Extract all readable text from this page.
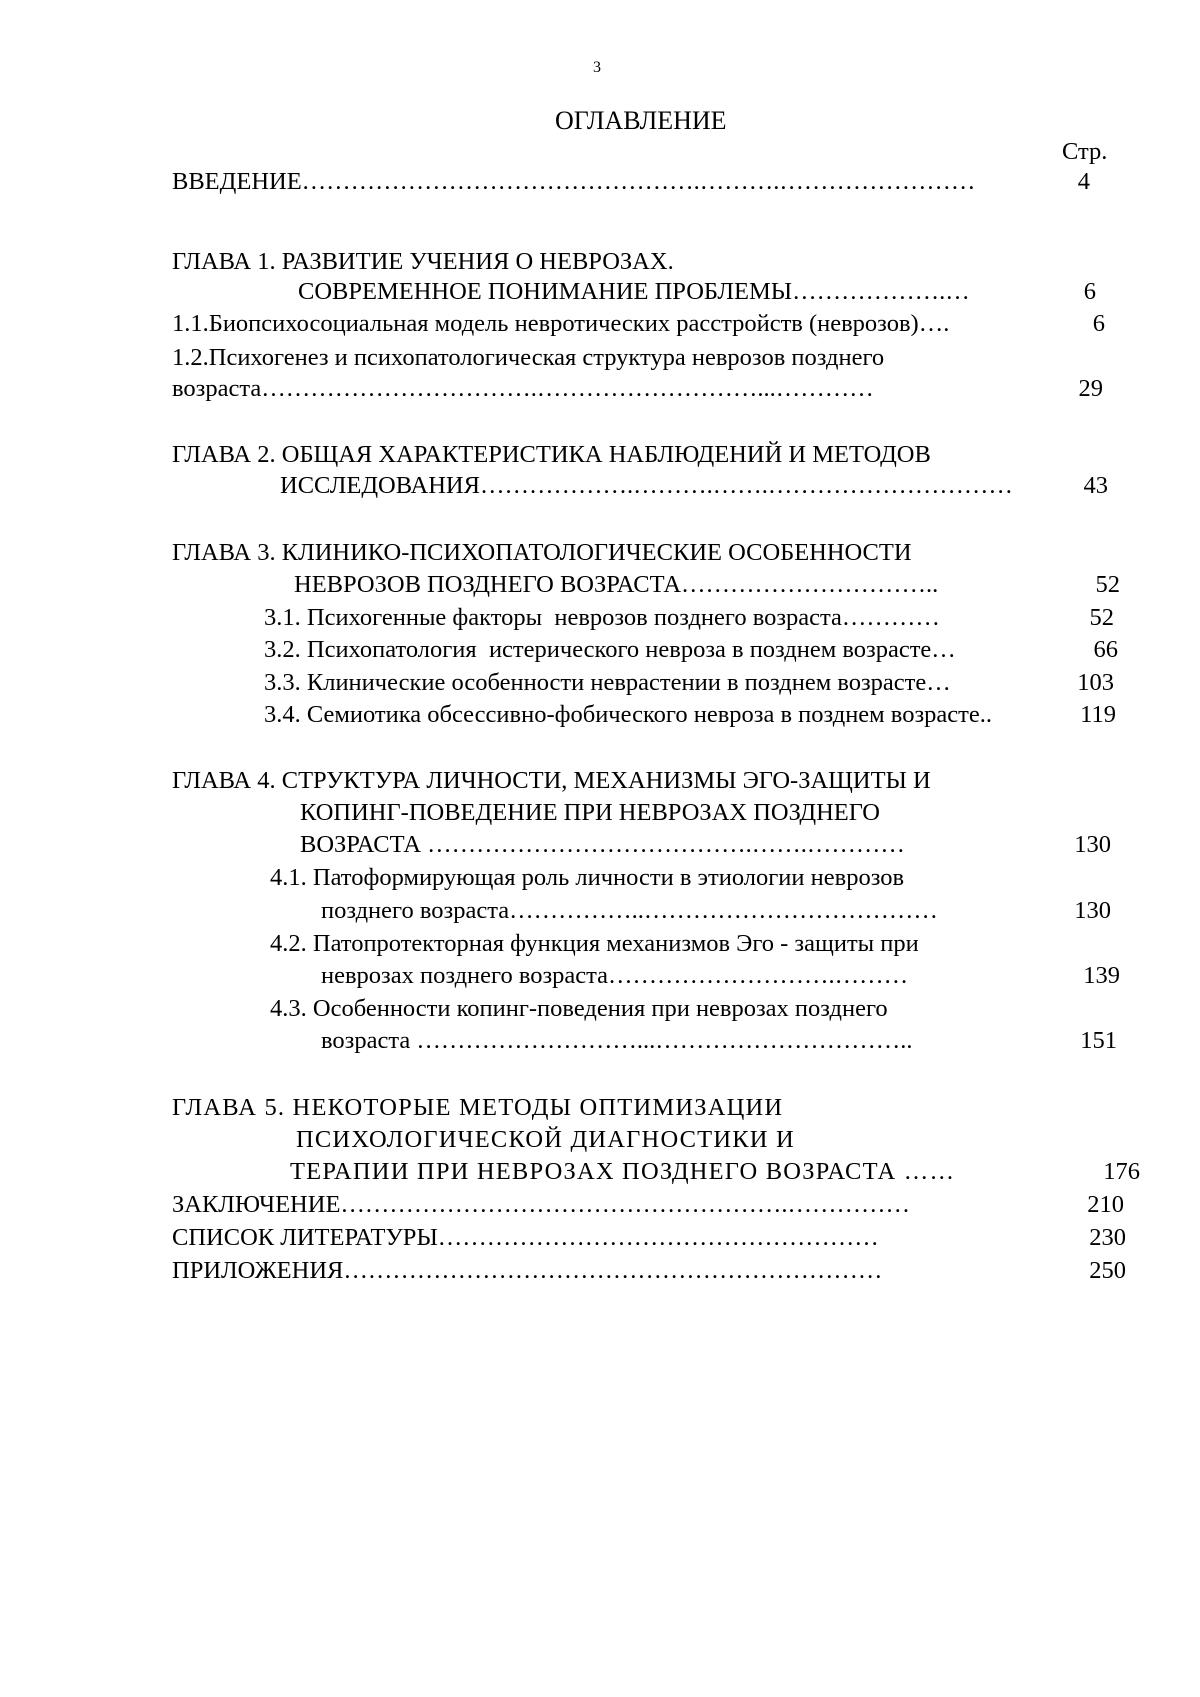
3
ОГЛАВЛЕНИЕ
Стр.
ВВЕДЕНИЕ………………………………………….……….……………………	4
ГЛАВА 1. РАЗВИТИЕ УЧЕНИЯ О НЕВРОЗАХ.
СОВРЕМЕННОЕ ПОНИМАНИЕ ПРОБЛЕМЫ……………….…	6
1.1.Биопсихосоциальная модель невротических расстройств (неврозов)….	6
1.2.Психогенез и психопатологическая структура неврозов позднего
возраста…………………………….………………………...…………	29
ГЛАВА 2. ОБЩАЯ ХАРАКТЕРИСТИКА НАБЛЮДЕНИЙ И МЕТОДОВ
ИССЛЕДОВАНИЯ……………….……….…….…………………………	43
ГЛАВА 3. КЛИНИКО-ПСИХОПАТОЛОГИЧЕСКИЕ ОСОБЕННОСТИ
НЕВРОЗОВ ПОЗДНЕГО ВОЗРАСТА…………………………..	52
3.1. Психогенные факторы  неврозов позднего возраста…………	52
3.2. Психопатология  истерического невроза в позднем возрасте…	66
3.3. Клинические особенности неврастении в позднем возрасте…	103
3.4. Семиотика обсессивно-фобического невроза в позднем возрасте..	119
ГЛАВА 4. СТРУКТУРА ЛИЧНОСТИ, МЕХАНИЗМЫ ЭГО-ЗАЩИТЫ И
КОПИНГ-ПОВЕДЕНИЕ ПРИ НЕВРОЗАХ ПОЗДНЕГО
ВОЗРАСТА ………………………………….…….…………	130
4.1. Патоформирующая роль личности в этиологии неврозов
позднего возраста……………..………………………………	130
4.2. Патопротекторная функция механизмов Эго - защиты при
неврозах позднего возраста……………………….………	139
4.3. Особенности копинг-поведения при неврозах позднего
возраста ………………………...…………………………..	151
ГЛАВА 5. НЕКОТОРЫЕ МЕТОДЫ ОПТИМИЗАЦИИ
ПСИХОЛОГИЧЕСКОЙ ДИАГНОСТИКИ И
ТЕРАПИИ ПРИ НЕВРОЗАХ ПОЗДНЕГО ВОЗРАСТА ……	176
ЗАКЛЮЧЕНИЕ……………………………………………….……………	210
СПИСОК ЛИТЕРАТУРЫ………………………………………………	230
ПРИЛОЖЕНИЯ…………………………………………………………	250
